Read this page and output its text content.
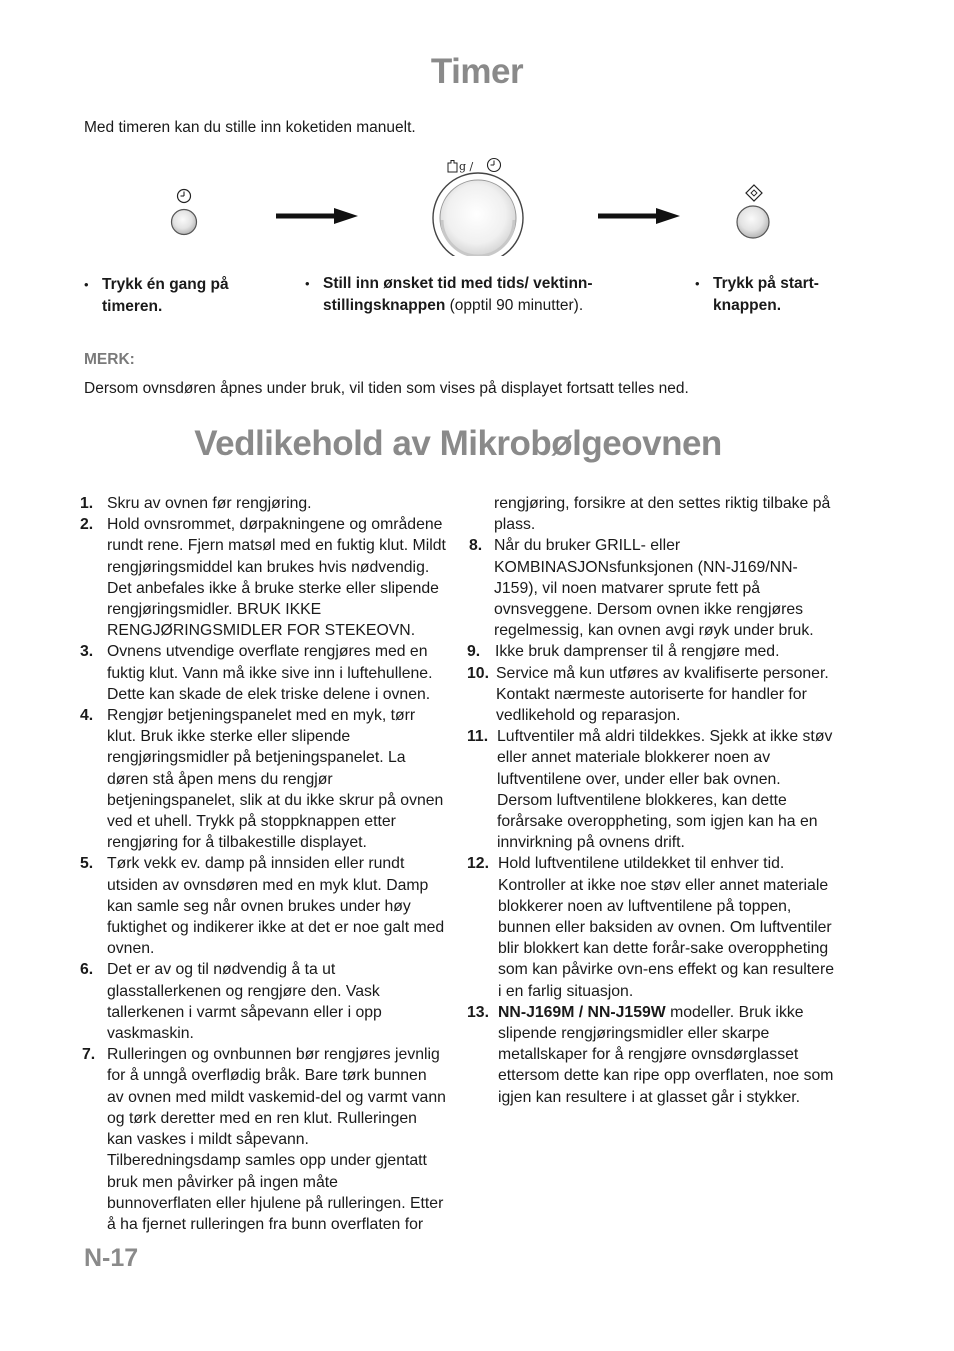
Timer
Med timeren kan du stille inn koketiden manuelt.
g /
• Trykk én gang på timeren.
• Still inn ønsket tid med tids/ vektinn-stillingsknappen (opptil 90 minutter).
• Trykk på start-knappen.
MERK:
Dersom ovnsdøren åpnes under bruk, vil tiden som vises på displayet fortsatt telles ned.
Vedlikehold av Mikrobølgeovnen
1. Skru av ovnen før rengjøring.
2. Hold ovnsrommet, dørpakningene og områdene rundt rene. Fjern matsøl med en fuktig klut. Mildt rengjøringsmiddel kan brukes hvis nødvendig. Det anbefales ikke å bruke sterke eller slipende rengjøringsmidler. BRUK IKKE RENGJØRINGSMIDLER FOR STEKEOVN.
3. Ovnens utvendige overflate rengjøres med en fuktig klut. Vann må ikke sive inn i luftehullene. Dette kan skade de elek triske delene i ovnen.
4. Rengjør betjeningspanelet med en myk, tørr klut. Bruk ikke sterke eller slipende rengjøringsmidler på betjeningspanelet. La døren stå åpen mens du rengjør betjeningspanelet, slik at du ikke skrur på ovnen ved et uhell. Trykk på stoppknappen etter rengjøring for å tilbakestille displayet.
5. Tørk vekk ev. damp på innsiden eller rundt utsiden av ovnsdøren med en myk klut. Damp kan samle seg når ovnen brukes under høy fuktighet og indikerer ikke at det er noe galt med ovnen.
6. Det er av og til nødvendig å ta ut glasstallerkenen og rengjøre den. Vask tallerkenen i varmt såpevann eller i opp vaskmaskin.
7. Rulleringen og ovnbunnen bør rengjøres jevnlig for å unngå overflødig bråk. Bare tørk bunnen av ovnen med mildt vaskemid-del og varmt vann og tørk deretter med en ren klut. Rulleringen kan vaskes i mildt såpevann. Tilberedningsdamp samles opp under gjentatt bruk men påvirker på ingen måte bunnoverflaten eller hjulene på rulleringen. Etter å ha fjernet rulleringen fra bunn overflaten for
rengjøring, forsikre at den settes riktig tilbake på plass.
8. Når du bruker GRILL- eller KOMBINASJONsfunksjonen (NN-J169/NN-J159), vil noen matvarer sprute fett på ovnsveggene. Dersom ovnen ikke rengjøres regelmessig, kan ovnen avgi røyk under bruk.
9. Ikke bruk damprenser til å rengjøre med.
10. Service må kun utføres av kvalifiserte personer. Kontakt nærmeste autoriserte for handler for vedlikehold og reparasjon.
11. Luftventiler må aldri tildekkes. Sjekk at ikke støv eller annet materiale blokkerer noen av luftventilene over, under eller bak ovnen. Dersom luftventilene blokkeres, kan dette forårsake overoppheting, som igjen kan ha en innvirkning på ovnens drift.
12. Hold luftventilene utildekket til enhver tid. Kontroller at ikke noe støv eller annet materiale blokkerer noen av luftventilene på toppen, bunnen eller baksiden av ovnen. Om luftventiler blir blokkert kan dette forår-sake overoppheting som kan påvirke ovn-ens effekt og kan resultere i en farlig situasjon.
13. NN-J169M / NN-J159W modeller. Bruk ikke slipende rengjøringsmidler eller skarpe metallskaper for å rengjøre ovnsdørglasset ettersom dette kan ripe opp overflaten, noe som igjen kan resultere i at glasset går i stykker.
N-17
